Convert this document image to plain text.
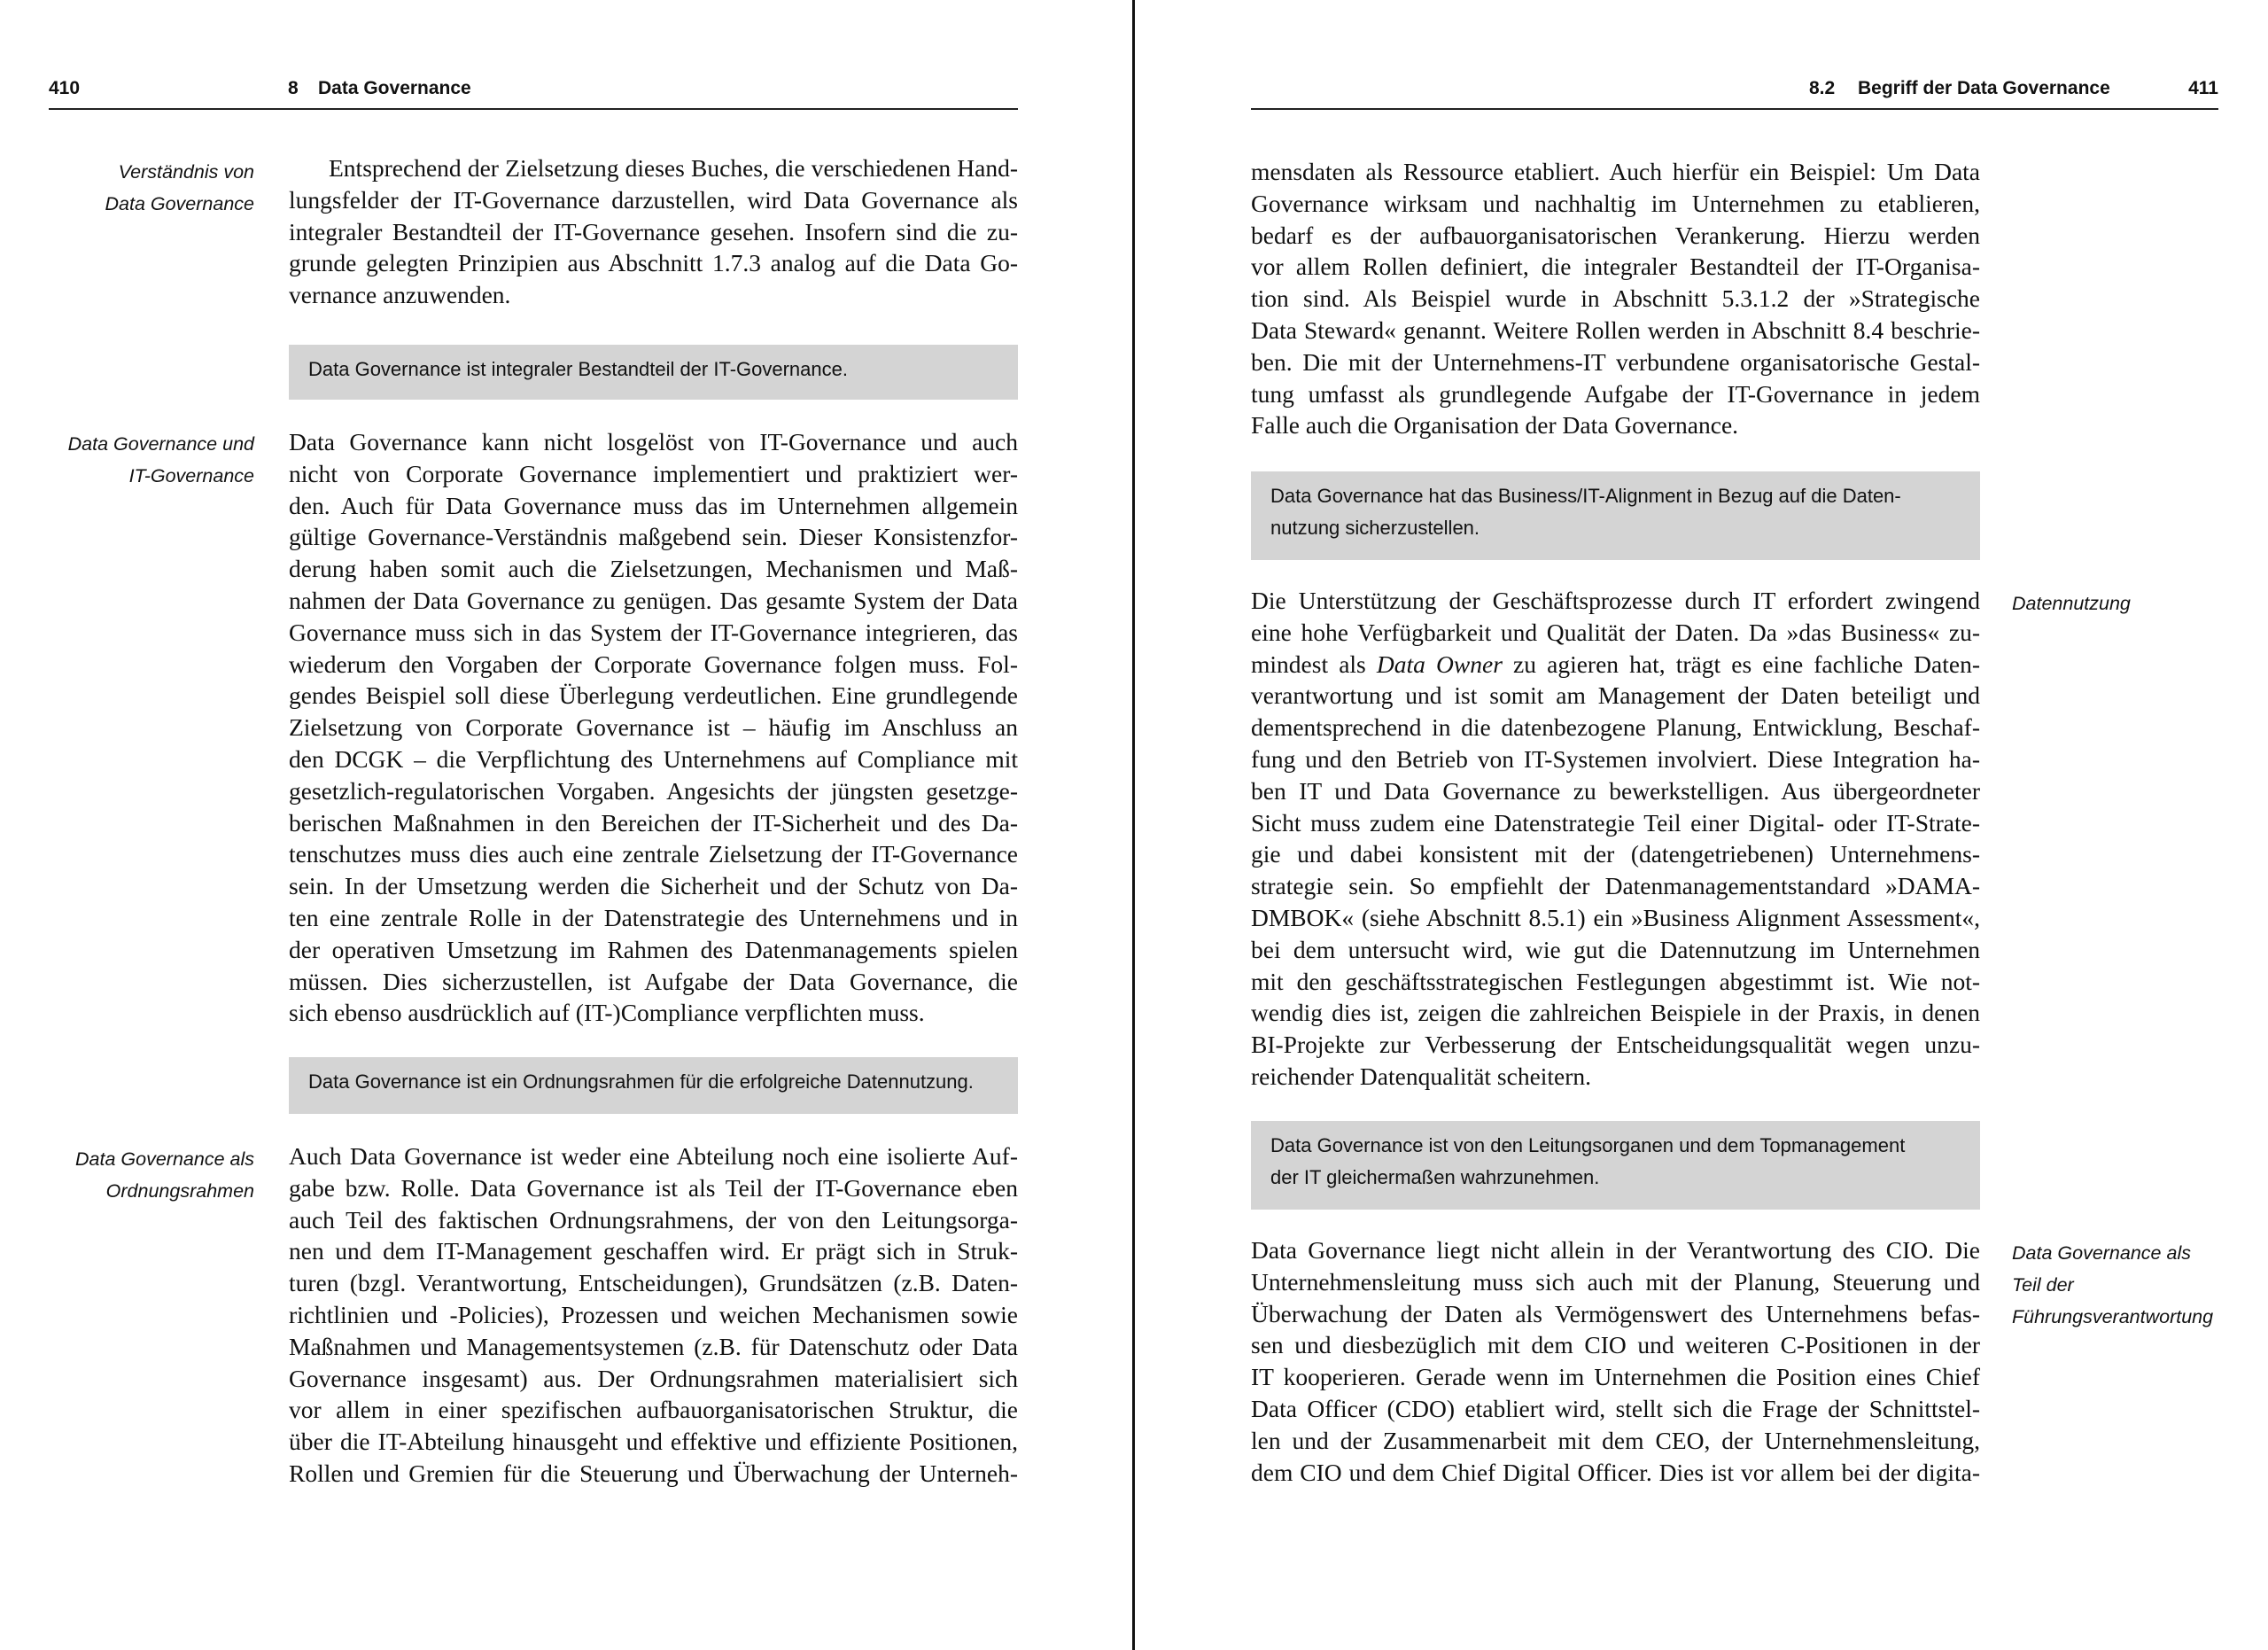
410	8 Data Governance
Verständnis von
Data Governance
Entsprechend der Zielsetzung dieses Buches, die verschiedenen Hand-
lungsfelder der IT-Governance darzustellen, wird Data Governance als
integraler Bestandteil der IT-Governance gesehen. Insofern sind die zu-
grunde gelegten Prinzipien aus Abschnitt 1.7.3 analog auf die Data Go-
vernance anzuwenden.
Data Governance ist integraler Bestandteil der IT-Governance.
Data Governance und
IT-Governance
Data Governance kann nicht losgelöst von IT-Governance und auch
nicht von Corporate Governance implementiert und praktiziert wer-
den. Auch für Data Governance muss das im Unternehmen allgemein
gültige Governance-Verständnis maßgebend sein. Dieser Konsistenzfor-
derung haben somit auch die Zielsetzungen, Mechanismen und Maß-
nahmen der Data Governance zu genügen. Das gesamte System der Data
Governance muss sich in das System der IT-Governance integrieren, das
wiederum den Vorgaben der Corporate Governance folgen muss. Fol-
gendes Beispiel soll diese Überlegung verdeutlichen. Eine grundlegende
Zielsetzung von Corporate Governance ist – häufig im Anschluss an
den DCGK – die Verpflichtung des Unternehmens auf Compliance mit
gesetzlich-regulatorischen Vorgaben. Angesichts der jüngsten gesetzge-
berischen Maßnahmen in den Bereichen der IT-Sicherheit und des Da-
tenschutzes muss dies auch eine zentrale Zielsetzung der IT-Governance
sein. In der Umsetzung werden die Sicherheit und der Schutz von Da-
ten eine zentrale Rolle in der Datenstrategie des Unternehmens und in
der operativen Umsetzung im Rahmen des Datenmanagements spielen
müssen. Dies sicherzustellen, ist Aufgabe der Data Governance, die
sich ebenso ausdrücklich auf (IT-)Compliance verpflichten muss.
Data Governance ist ein Ordnungsrahmen für die erfolgreiche Datennutzung.
Data Governance als
Ordnungsrahmen
Auch Data Governance ist weder eine Abteilung noch eine isolierte Auf-
gabe bzw. Rolle. Data Governance ist als Teil der IT-Governance eben
auch Teil des faktischen Ordnungsrahmens, der von den Leitungsorga-
nen und dem IT-Management geschaffen wird. Er prägt sich in Struk-
turen (bzgl. Verantwortung, Entscheidungen), Grundsätzen (z.B. Daten-
richtlinien und -Policies), Prozessen und weichen Mechanismen sowie
Maßnahmen und Managementsystemen (z.B. für Datenschutz oder Data
Governance insgesamt) aus. Der Ordnungsrahmen materialisiert sich
vor allem in einer spezifischen aufbauorganisatorischen Struktur, die
über die IT-Abteilung hinausgeht und effektive und effiziente Positionen,
Rollen und Gremien für die Steuerung und Überwachung der Unterneh-
8.2 Begriff der Data Governance	411
mensdaten als Ressource etabliert. Auch hierfür ein Beispiel: Um Data
Governance wirksam und nachhaltig im Unternehmen zu etablieren,
bedarf es der aufbauorganisatorischen Verankerung. Hierzu werden
vor allem Rollen definiert, die integraler Bestandteil der IT-Organisa-
tion sind. Als Beispiel wurde in Abschnitt 5.3.1.2 der »Strategische
Data Steward« genannt. Weitere Rollen werden in Abschnitt 8.4 beschrie-
ben. Die mit der Unternehmens-IT verbundene organisatorische Gestal-
tung umfasst als grundlegende Aufgabe der IT-Governance in jedem
Falle auch die Organisation der Data Governance.
Data Governance hat das Business/IT-Alignment in Bezug auf die Daten-
nutzung sicherzustellen.
Datennutzung
Die Unterstützung der Geschäftsprozesse durch IT erfordert zwingend
eine hohe Verfügbarkeit und Qualität der Daten. Da »das Business« zu-
mindest als Data Owner zu agieren hat, trägt es eine fachliche Daten-
verantwortung und ist somit am Management der Daten beteiligt und
dementsprechend in die datenbezogene Planung, Entwicklung, Beschaf-
fung und den Betrieb von IT-Systemen involviert. Diese Integration ha-
ben IT und Data Governance zu bewerkstelligen. Aus übergeordneter
Sicht muss zudem eine Datenstrategie Teil einer Digital- oder IT-Strate-
gie und dabei konsistent mit der (datengetriebenen) Unternehmens-
strategie sein. So empfiehlt der Datenmanagementstandard »DAMA-
DMBOK« (siehe Abschnitt 8.5.1) ein »Business Alignment Assessment«,
bei dem untersucht wird, wie gut die Datennutzung im Unternehmen
mit den geschäftsstrategischen Festlegungen abgestimmt ist. Wie not-
wendig dies ist, zeigen die zahlreichen Beispiele in der Praxis, in denen
BI-Projekte zur Verbesserung der Entscheidungsqualität wegen unzu-
reichender Datenqualität scheitern.
Data Governance ist von den Leitungsorganen und dem Topmanagement
der IT gleichermaßen wahrzunehmen.
Data Governance als
Teil der
Führungsverantwortung
Data Governance liegt nicht allein in der Verantwortung des CIO. Die
Unternehmensleitung muss sich auch mit der Planung, Steuerung und
Überwachung der Daten als Vermögenswert des Unternehmens befas-
sen und diesbezüglich mit dem CIO und weiteren C-Positionen in der
IT kooperieren. Gerade wenn im Unternehmen die Position eines Chief
Data Officer (CDO) etabliert wird, stellt sich die Frage der Schnittstel-
len und der Zusammenarbeit mit dem CEO, der Unternehmensleitung,
dem CIO und dem Chief Digital Officer. Dies ist vor allem bei der digita-
